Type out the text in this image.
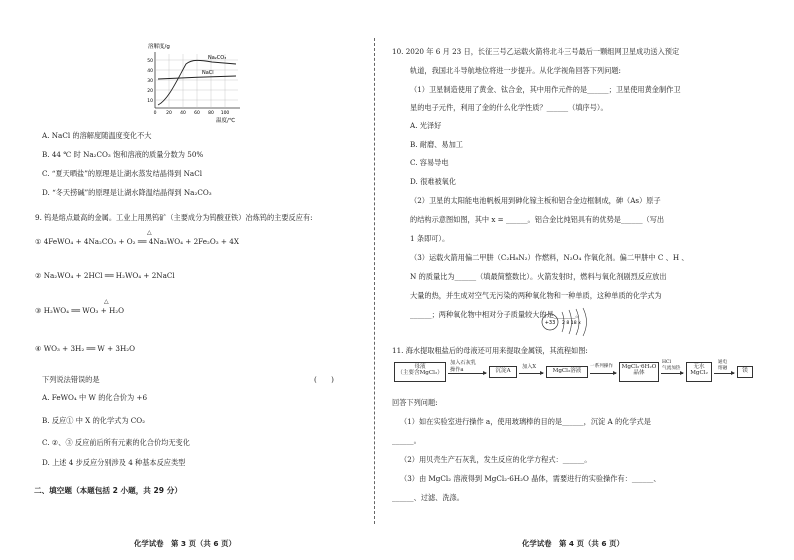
溶解度/g
温度/℃
50
40
30
20
10
0 20 40 60 80 100
Na₂CO₃
NaCl
A. NaCl 的溶解度随温度变化不大
B. 44 ℃ 时 Na₂CO₃ 饱和溶液的质量分数为 50%
C. “夏天晒盐”的原理是让湖水蒸发结晶得到 NaCl
D. “冬天捞碱”的原理是让湖水降温结晶得到 Na₂CO₃
9. 钨是熔点最高的金属。工业上用黑钨矿（主要成分为钨酸亚铁）冶炼钨的主要反应有:
△
① 4FeWO₄ + 4Na₂CO₃ + O₂ ══ 4Na₂WO₄ + 2Fe₂O₃ + 4X
② Na₂WO₄ + 2HCl ══ H₂WO₄ + 2NaCl
△
③ H₂WO₄ ══ WO₃ + H₂O
④ WO₃ + 3H₂ ══ W + 3H₂O
下列说法错误的是	(　　)
A. FeWO₄ 中 W 的化合价为 +6
B. 反应① 中 X 的化学式为 CO₂
C. ②、③ 反应前后所有元素的化合价均无变化
D. 上述 4 步反应分别涉及 4 种基本反应类型
二、填空题（本题包括 2 小题，共 29 分）
化学试卷　第 3 页（共 6 页）
10. 2020 年 6 月 23 日，长征三号乙运载火箭将北斗三号最后一颗组网卫星成功送入预定
轨道，我国北斗导航地位将进一步提升。从化学视角回答下列问题:
（1）卫星制造使用了黄金、钛合金，其中用作元件的是______；卫星使用黄金制作卫
星的电子元件，利用了金的什么化学性质？______（填序号）。
A. 光泽好
B. 耐磨、易加工
C. 容易导电
D. 很难被氧化
（2）卫星的太阳能电池帆板用到砷化镓主板和铝合金边框制成，砷（As）原子
的结构示意图如图，其中 x = ______。铝合金比纯铝具有的优势是______（写出
1 条即可）。
（3）运载火箭用偏二甲肼（C₂H₈N₂）作燃料，N₂O₄ 作氧化剂。偏二甲肼中 C 、H 、
N 的质量比为______（填最简整数比）。火箭发射时，燃料与氧化剂剧烈反应放出
大量的热，并生成对空气无污染的两种氧化物和一种单质，这种单质的化学式为
______；两种氧化物中相对分子质量较大的是______。
+33 2 8 18 x
11. 海水提取粗盐后的母液还可用来提取金属镁，其流程如图:
母液
（主要含MgCl₂）
加入石灰乳
操作a	沉淀A
加入X
MgCl₂溶液
一系列操作	MgCl₂·6H₂O
晶体
HCl
气流加热	无水
MgCl₂
通电
熔融	镁
回答下列问题:
（1）如在实验室进行操作 a，使用玻璃棒的目的是______，沉淀 A 的化学式是
______。
（2）用贝壳生产石灰乳，发生反应的化学方程式：______。
（3）由 MgCl₂ 溶液得到 MgCl₂·6H₂O 晶体，需要进行的实验操作有：______、
______、过滤、洗涤。
化学试卷　第 4 页（共 6 页）
